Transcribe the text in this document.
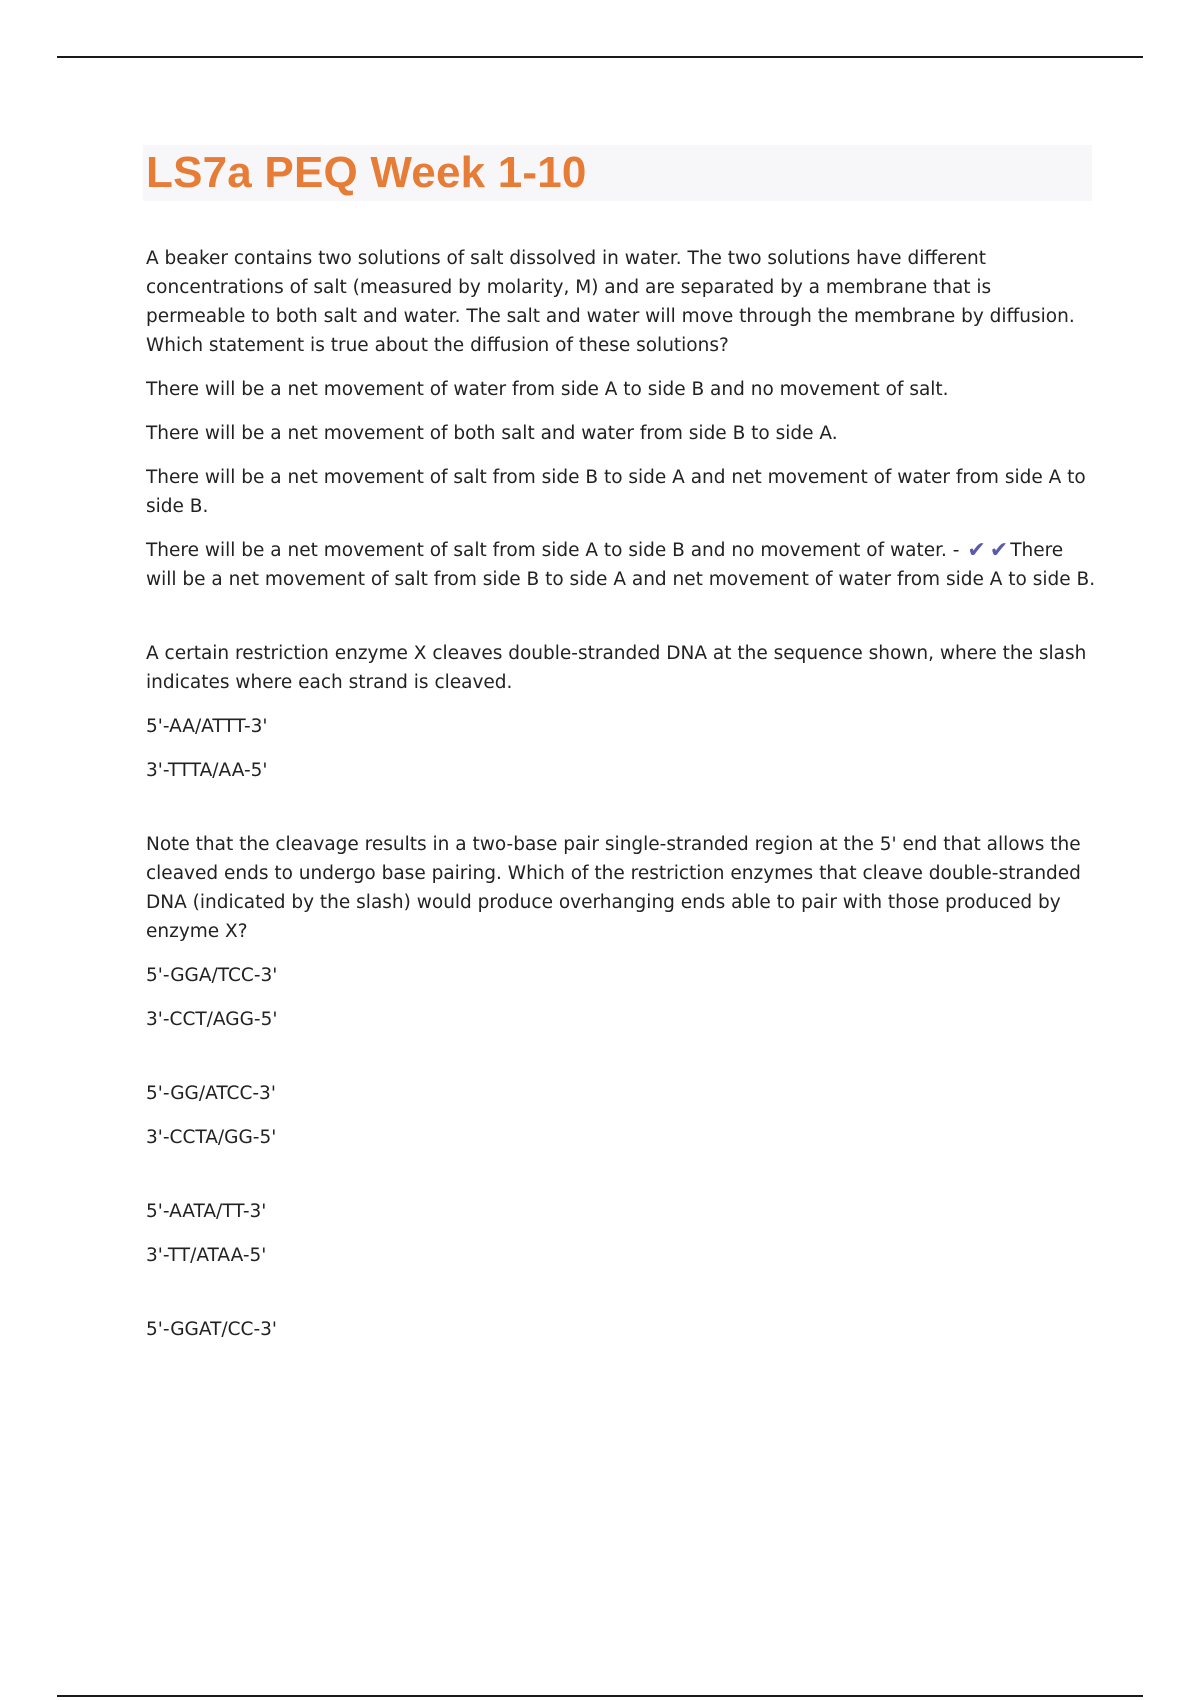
LS7a PEQ Week 1-10

A beaker contains two solutions of salt dissolved in water. The two solutions have different concentrations of salt (measured by molarity, M) and are separated by a membrane that is permeable to both salt and water. The salt and water will move through the membrane by diffusion. Which statement is true about the diffusion of these solutions?

There will be a net movement of water from side A to side B and no movement of salt.

There will be a net movement of both salt and water from side B to side A.

There will be a net movement of salt from side B to side A and net movement of water from side A to side B.

There will be a net movement of salt from side A to side B and no movement of water. - ✔ ✔ There will be a net movement of salt from side B to side A and net movement of water from side A to side B.

A certain restriction enzyme X cleaves double-stranded DNA at the sequence shown, where the slash indicates where each strand is cleaved.

5'-AA/ATTT-3'

3'-TTTA/AA-5'

Note that the cleavage results in a two-base pair single-stranded region at the 5' end that allows the cleaved ends to undergo base pairing. Which of the restriction enzymes that cleave double-stranded DNA (indicated by the slash) would produce overhanging ends able to pair with those produced by enzyme X?

5'-GGA/TCC-3'

3'-CCT/AGG-5'

5'-GG/ATCC-3'

3'-CCTA/GG-5'

5'-AATA/TT-3'

3'-TT/ATAA-5'

5'-GGAT/CC-3'
